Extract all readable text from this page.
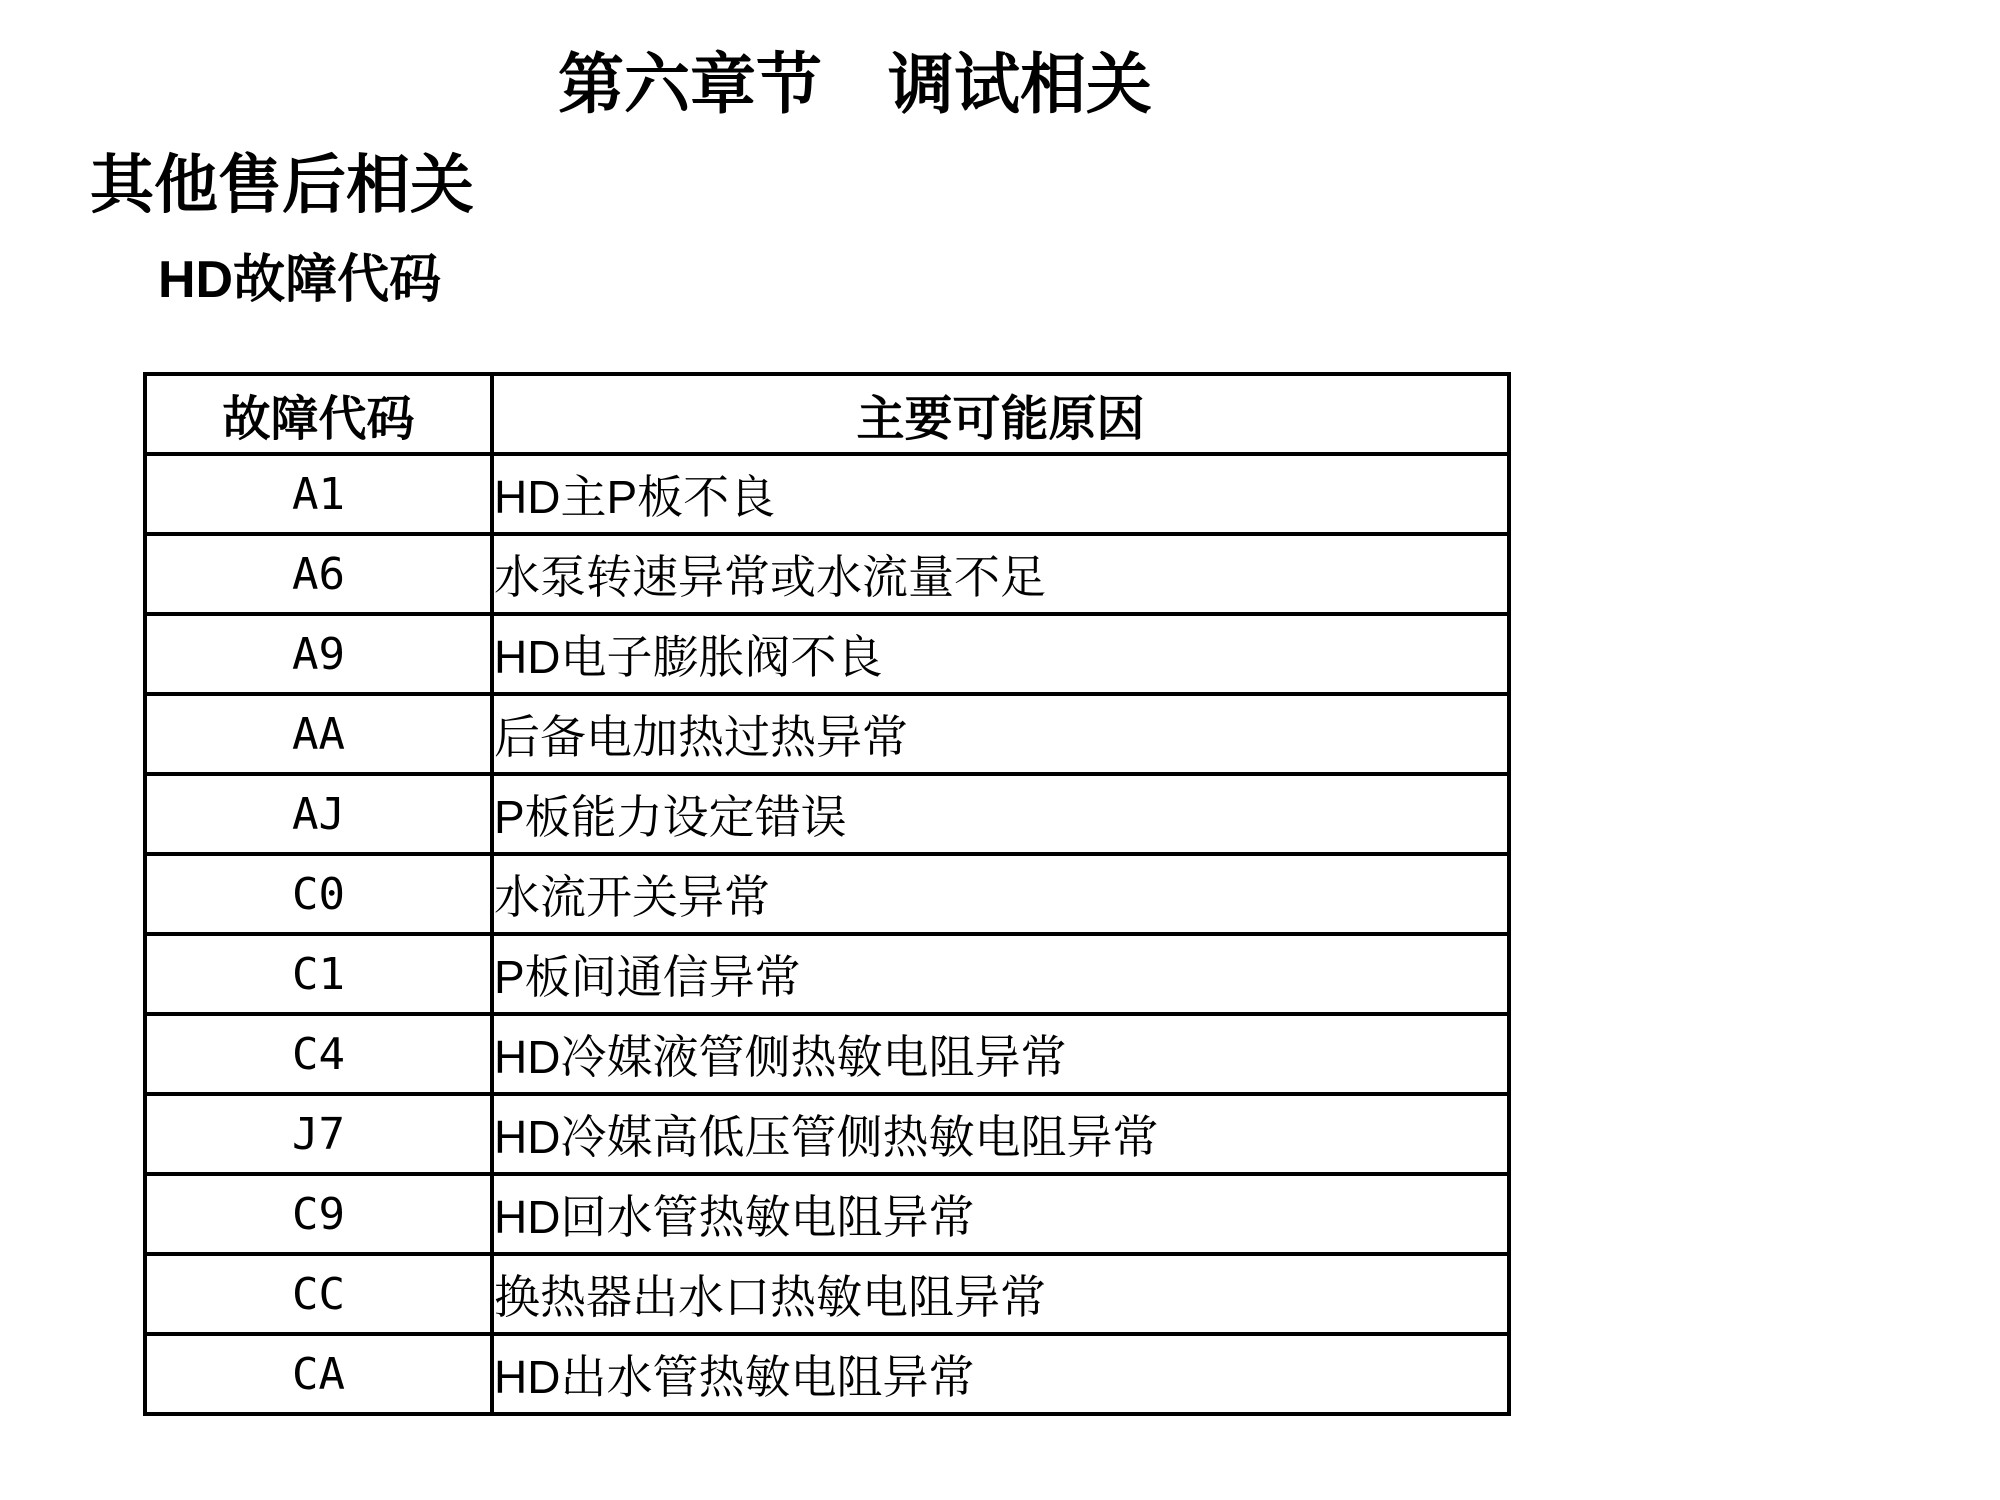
第六章节　调试相关
其他售后相关
HD故障代码
故障代码	主要可能原因
A1	HD主P板不良
A6	水泵转速异常或水流量不足
A9	HD电子膨胀阀不良
AA	后备电加热过热异常
AJ	P板能力设定错误
C0	水流开关异常
C1	P板间通信异常
C4	HD冷媒液管侧热敏电阻异常
J7	HD冷媒高低压管侧热敏电阻异常
C9	HD回水管热敏电阻异常
CC	换热器出水口热敏电阻异常
CA	HD出水管热敏电阻异常
